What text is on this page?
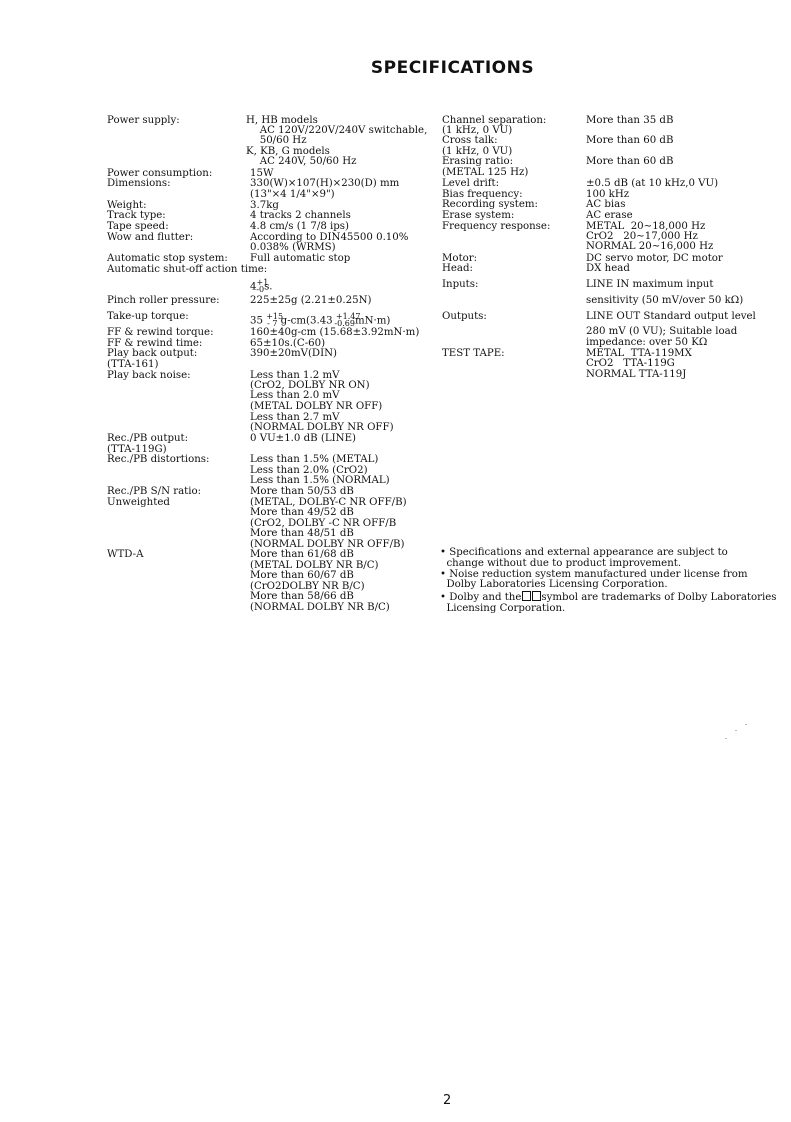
SPECIFICATIONS
Power supply:	H, HB models
AC 120V/220V/240V switchable,
50/60 Hz
K, KB, G models
AC 240V, 50/60 Hz
Power consumption:	15W
Dimensions:	330(W)×107(H)×230(D) mm
(13"×4 1/4"×9")
Weight:	3.7kg
Track type:	4 tracks 2 channels
Tape speed:	4.8 cm/s (1 7/8 ips)
Wow and flutter:	According to DIN45500 0.10%
0.038% (WRMS)
Automatic stop system: Full automatic stop
Automatic shut-off action time:
$4^{+1}_{-0}s$.
Pinch roller pressure:	225±25g (2.21±0.25N)
Take-up torque:	35 $^{+15}_{- 7}$ g-cm(3.43 $^{+1.47}_{-0.69}$mN·m)
FF & rewind torque:	160±40g-cm (15.68±3.92mN·m)
FF & rewind time:	65±10s.(C-60)
Play back output:	390±20mV(DIN)
(TTA-161)
Play back noise:	Less than 1.2 mV
(CrO2, DOLBY NR ON)
Less than 2.0 mV
(METAL DOLBY NR OFF)
Less than 2.7 mV
(NORMAL DOLBY NR OFF)
Rec./PB output:	0 VU±1.0 dB (LINE)
(TTA-119G)
Rec./PB distortions:	Less than 1.5% (METAL)
Less than 2.0% (CrO2)
Less than 1.5% (NORMAL)
Rec./PB S/N ratio:	More than 50/53 dB
Unweighted	(METAL, DOLBY-C NR OFF/B)
More than 49/52 dB
(CrO2, DOLBY -C NR OFF/B
More than 48/51 dB
(NORMAL DOLBY NR OFF/B)
WTD-A	More than 61/68 dB
(METAL DOLBY NR B/C)
More than 60/67 dB
(CrO2DOLBY NR B/C)
More than 58/66 dB
(NORMAL DOLBY NR B/C)
Channel separation:	More than 35 dB
(1 kHz, 0 VU)
Cross talk:	More than 60 dB
(1 kHz, 0 VU)
Erasing ratio:	More than 60 dB
(METAL 125 Hz)
Level drift:	±0.5 dB (at 10 kHz,0 VU)
Bias frequency:	100 kHz
Recording system:	AC bias
Erase system:	AC erase
Frequency response:	METAL  20∼18,000 Hz
CrO2   20∼17,000 Hz
NORMAL 20∼16,000 Hz
Motor:	DC servo motor, DC motor
Head:	DX head
Inputs:	LINE IN maximum input
sensitivity (50 mV/over 50 kΩ)
Outputs:	LINE OUT Standard output level
280 mV (0 VU); Suitable load
impedance: over 50 KΩ
TEST TAPE:	METAL  TTA-119MX
CrO2   TTA-119G
NORMAL TTA-119J
• Specifications and external appearance are subject to
change without due to product improvement.
• Noise reduction system manufactured under license from
Dolby Laboratories Licensing Corporation.
• Dolby and the symbol are trademarks of Dolby Laboratories
Licensing Corporation.
2
